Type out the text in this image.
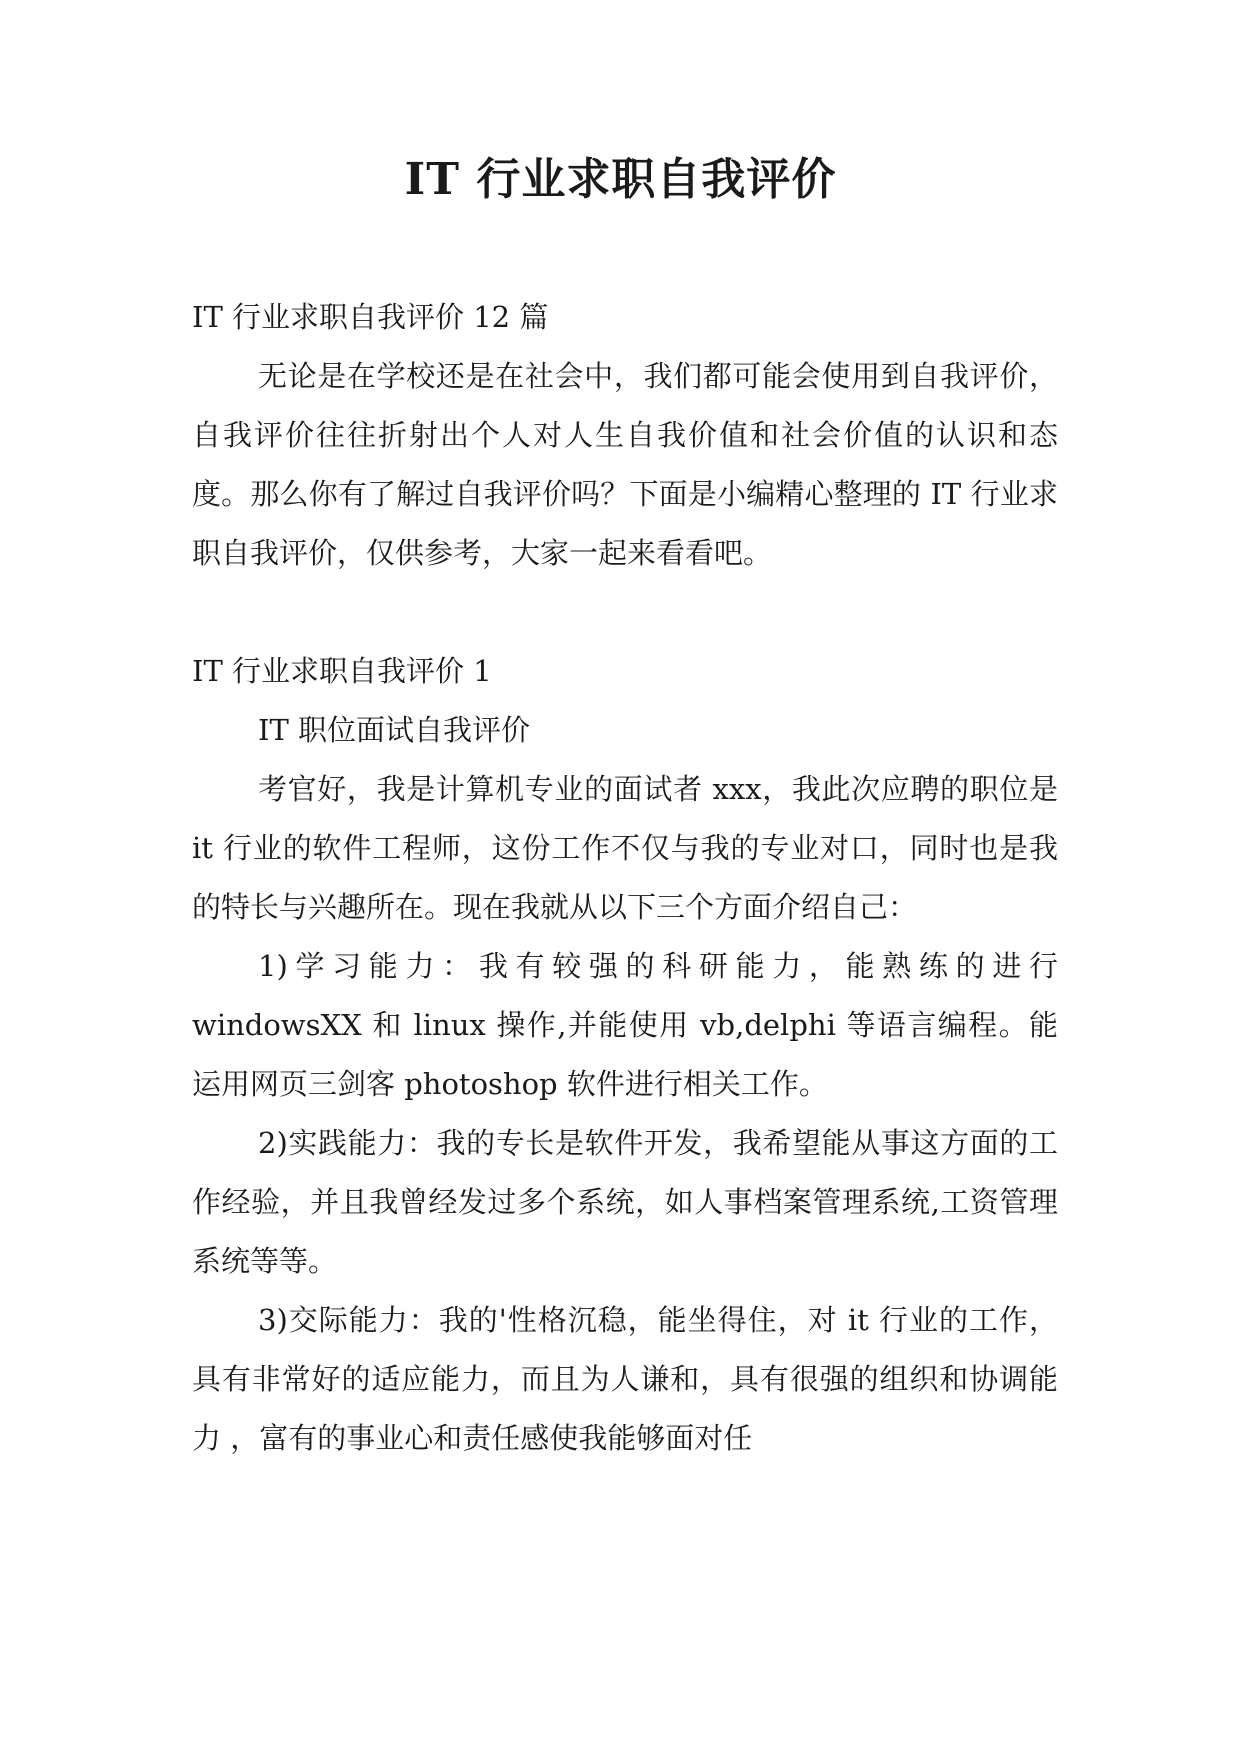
IT 行业求职自我评价

IT 行业求职自我评价 12 篇

无论是在学校还是在社会中，我们都可能会使用到自我评价，自我评价往往折射出个人对人生自我价值和社会价值的认识和态度。那么你有了解过自我评价吗？下面是小编精心整理的 IT 行业求职自我评价，仅供参考，大家一起来看看吧。

IT 行业求职自我评价 1

IT 职位面试自我评价

考官好，我是计算机专业的面试者 xxx，我此次应聘的职位是 it 行业的软件工程师，这份工作不仅与我的专业对口，同时也是我的特长与兴趣所在。现在我就从以下三个方面介绍自己：

1)学习能力：我有较强的科研能力，能熟练的进行 windowsXX 和 linux 操作,并能使用 vb,delphi 等语言编程。能运用网页三剑客 photoshop 软件进行相关工作。

2)实践能力：我的专长是软件开发，我希望能从事这方面的工作经验，并且我曾经发过多个系统，如人事档案管理系统,工资管理系统等等。

3)交际能力：我的'性格沉稳，能坐得住，对 it 行业的工作，具有非常好的适应能力，而且为人谦和，具有很强的组织和协调能力 ，富有的事业心和责任感使我能够面对任
